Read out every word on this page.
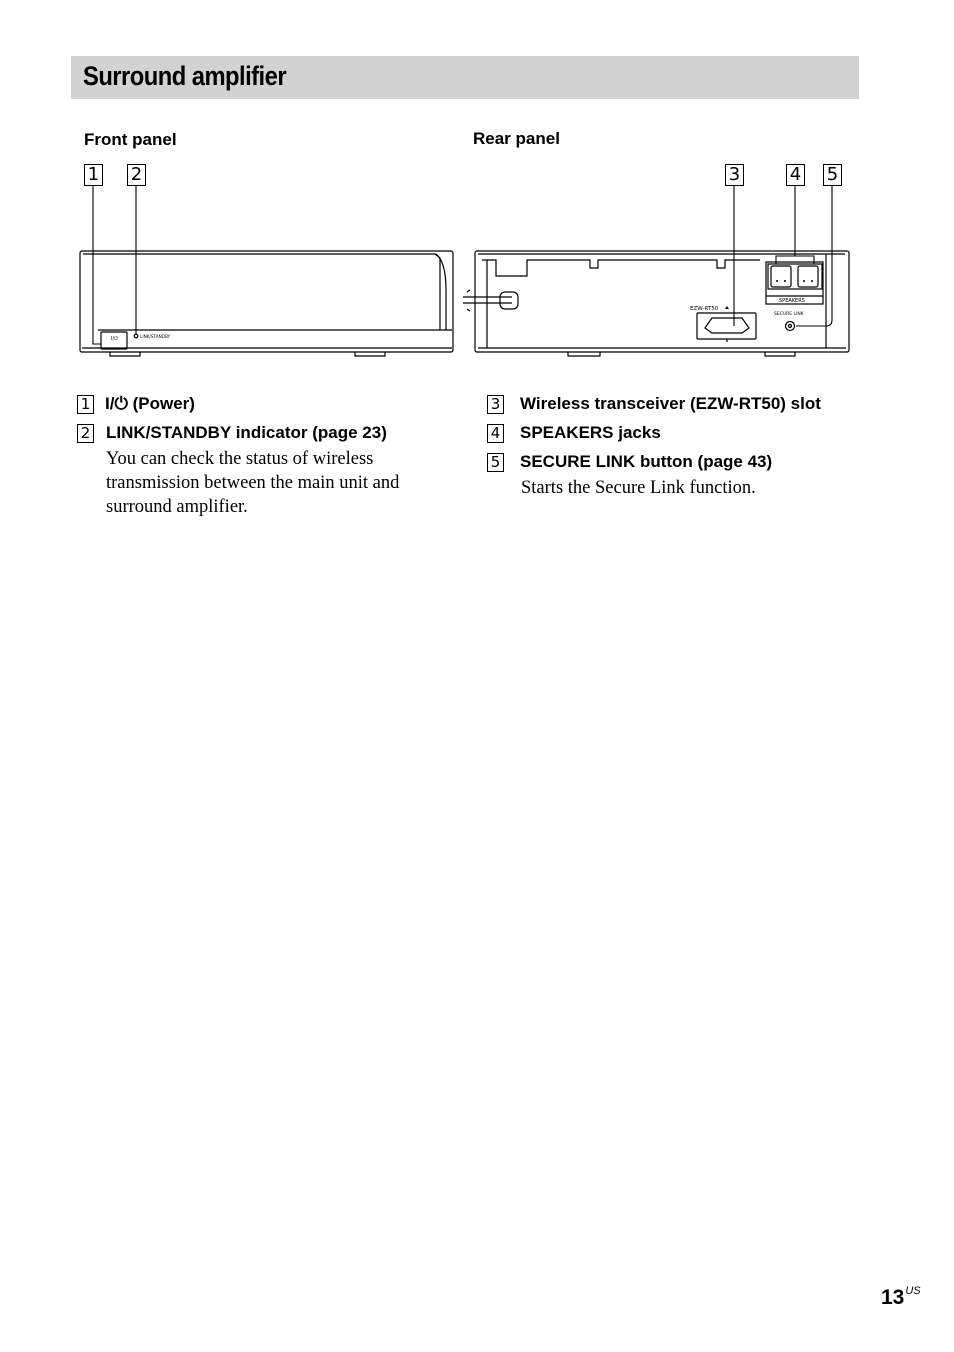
Surround amplifier
Front panel	Rear panel
1 2	3	4 5
I/⏻	LINK/STANDBY
EZW-RT50
SPEAKERS
SECURE LINK
1 I/⏻ (Power)
2 LINK/STANDBY indicator (page 23)
You can check the status of wireless transmission between the main unit and surround amplifier.
3 Wireless transceiver (EZW-RT50) slot
4 SPEAKERS jacks
5 SECURE LINK button (page 43)
Starts the Secure Link function.
$13^{US}$
